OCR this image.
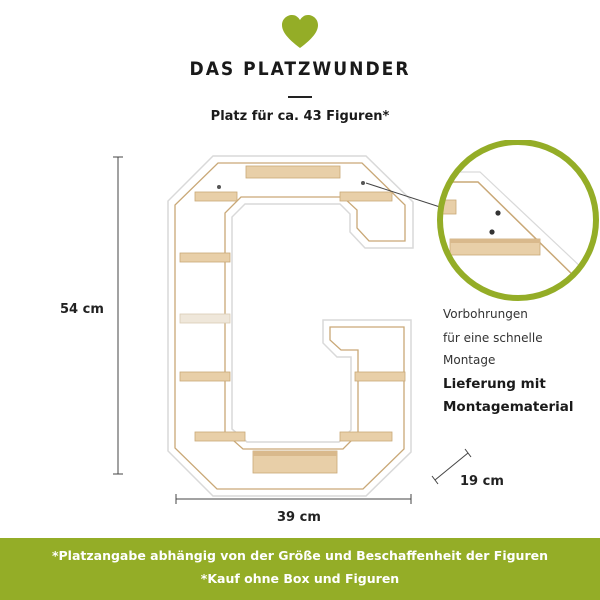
DAS PLATZWUNDER
Platz für ca. 43 Figuren*
54 cm
39 cm
19 cm
Vorbohrungen
für eine schnelle
Montage
Lieferung mit
Montagematerial
*Platzangabe abhängig von der Größe und Beschaffenheit der Figuren
*Kauf ohne Box und Figuren
